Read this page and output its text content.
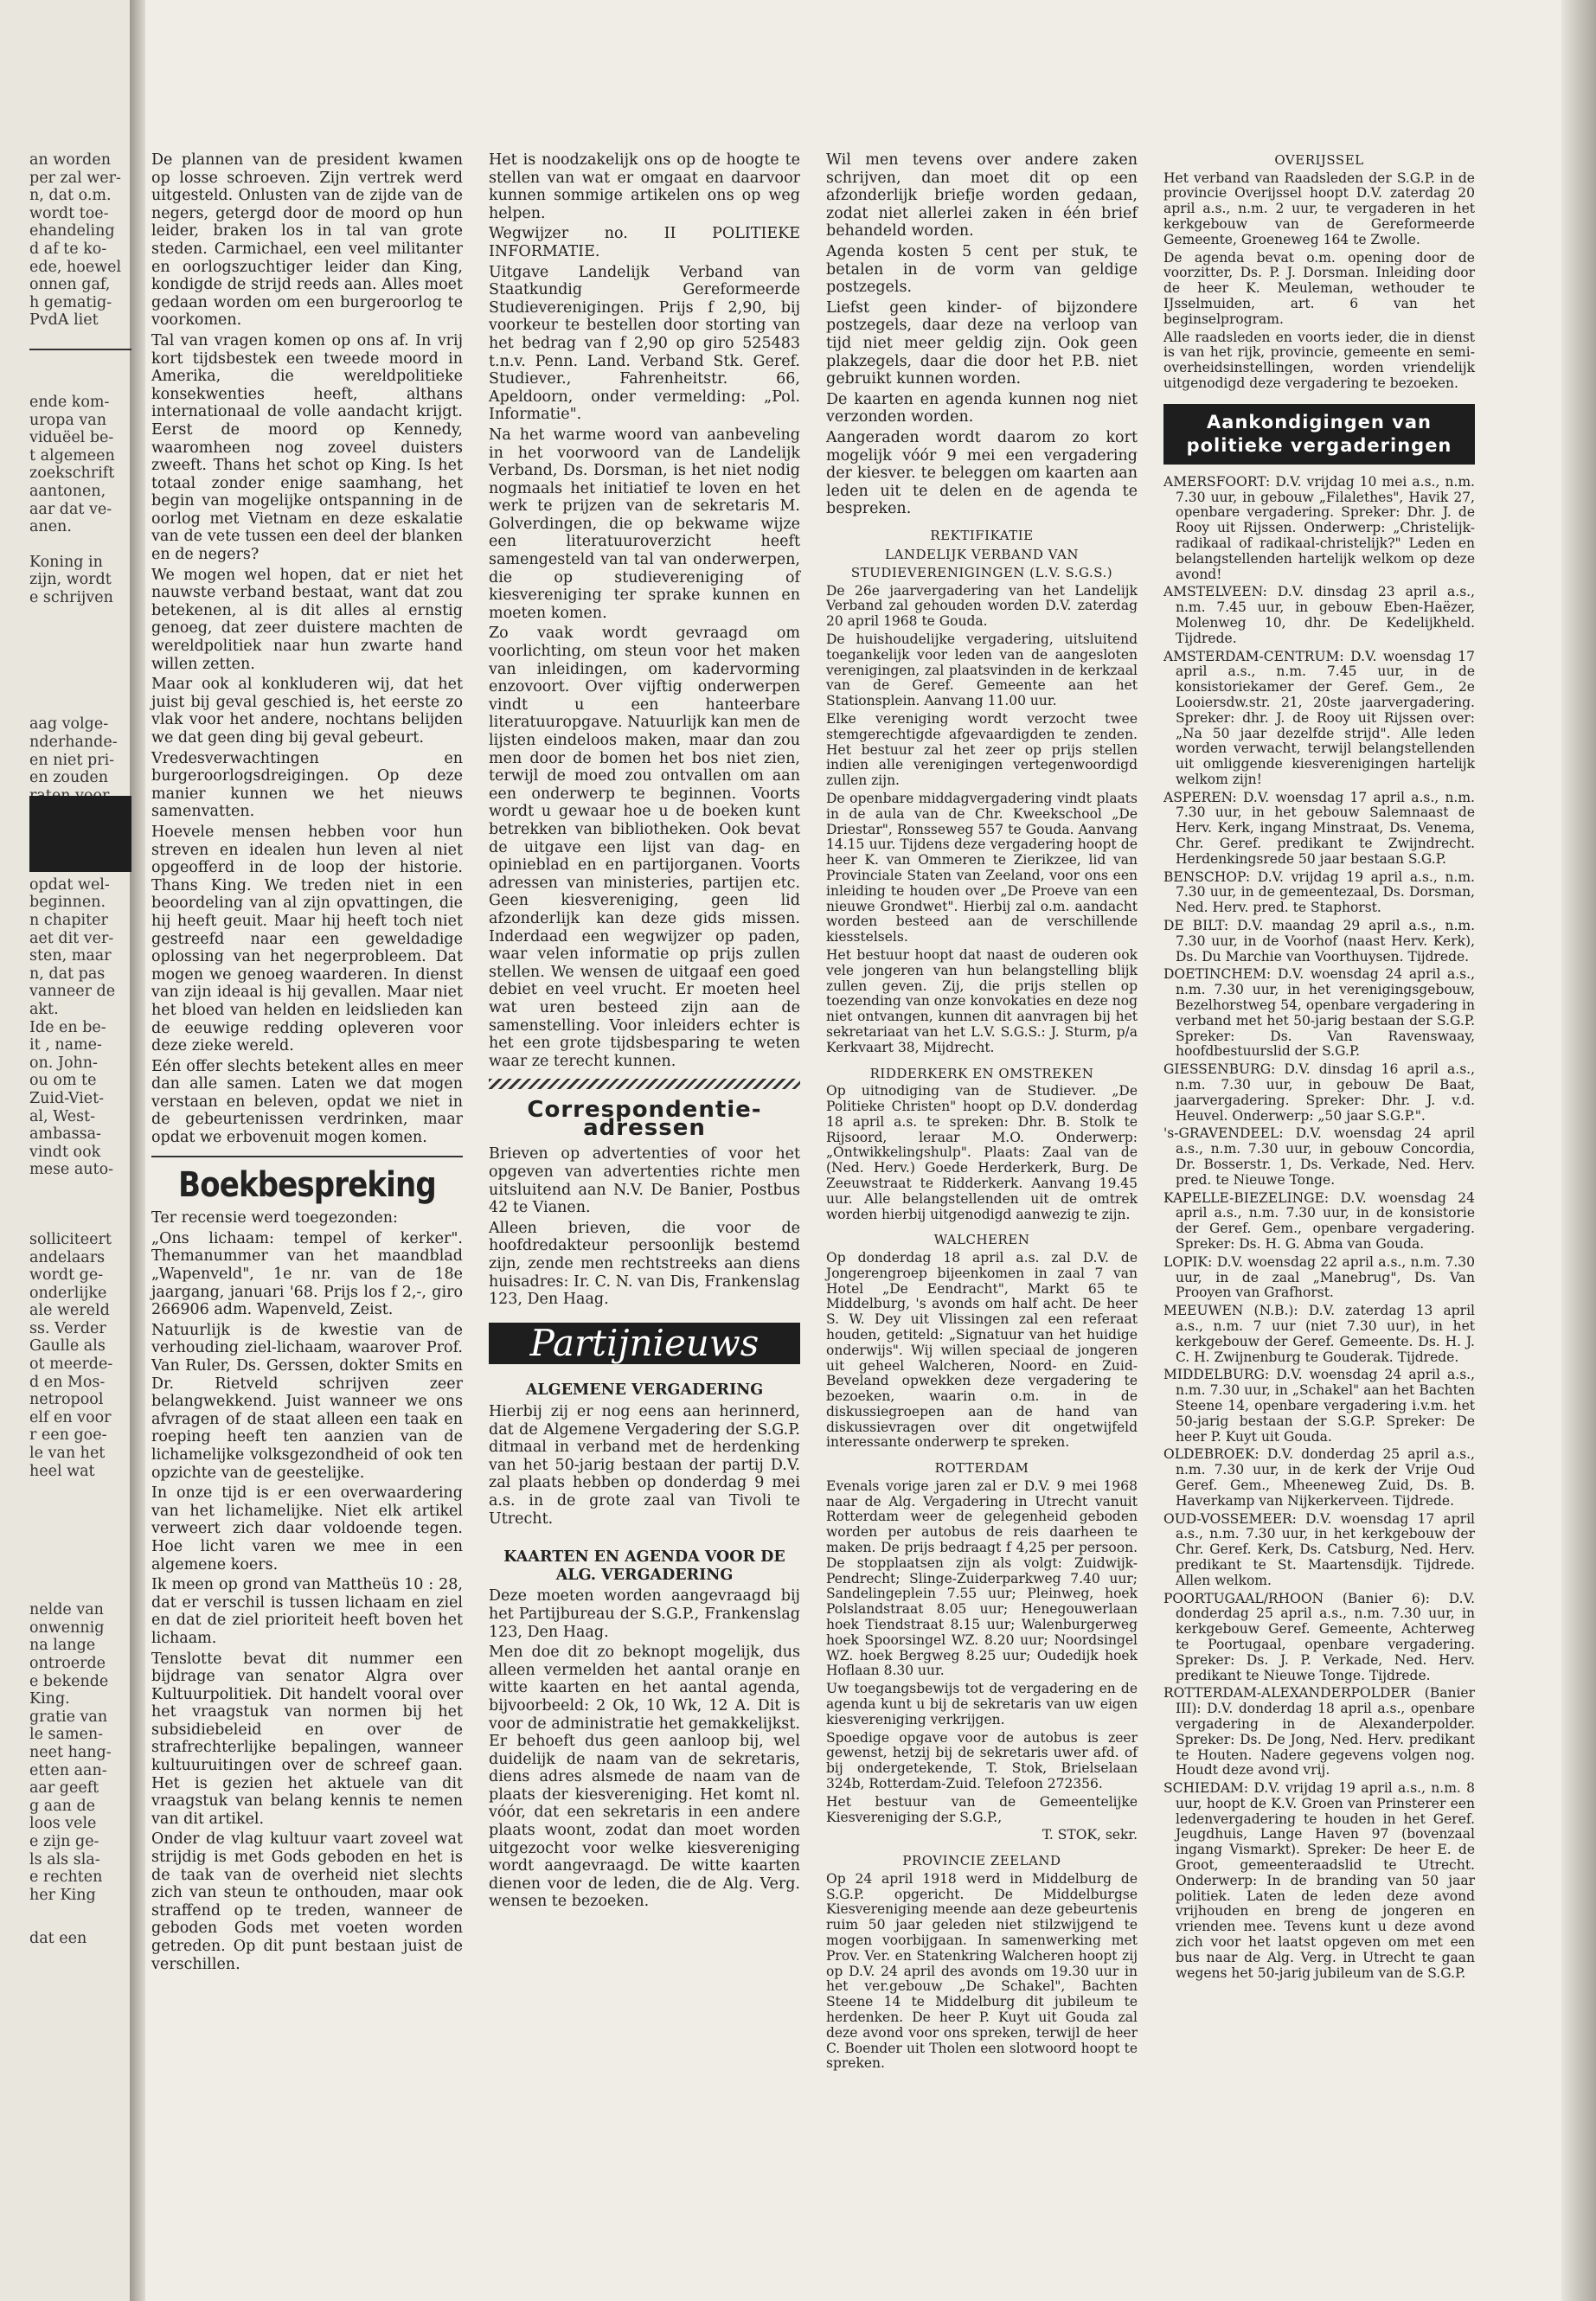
an worden
per zal wer-
n, dat o.m.
wordt toe-
ehandeling
d af te ko-
ede, hoewel
onnen gaf,
h gematig-
PvdA liet
ende kom-
uropa van
viduëel be-
t algemeen
zoekschrift
aantonen,
aar dat ve-
anen.
Koning in
zijn, wordt
e schrijven
aag volge-
nderhande-
en niet pri-
en zouden
opdat wel-
beginnen.
n chapiter
aet dit ver-
sten, maar
n, dat pas
vanneer de
akt.
Ide en be-
it , name-
on. John-
ou om te
Zuid-Viet-
al, West-
ambassa-
vindt ook
mese auto-
solliciteert
andelaars
wordt ge-
onderlijke
ale wereld
ss. Verder
Gaulle als
ot meerde-
d en Mos-
netropool
elf en voor
r een goe-
le van het
heel wat
nelde van
onwennig
na lange
ontroerde
e bekende
King.
gratie van
le samen-
neet hang-
etten aan-
aar geeft
g aan de
loos vele
e zijn ge-
ls als sla-
e rechten
her King
dat een

De plannen van de president kwamen op losse schroeven. Zijn vertrek werd uitgesteld. Onlusten van de zijde van de negers, getergd door de moord op hun leider, braken los in tal van grote steden. Carmichael, een veel militanter en oorlogszuchtiger leider dan King, kondigde de strijd reeds aan. Alles moet gedaan worden om een burgeroorlog te voorkomen.

Tal van vragen komen op ons af. In vrij kort tijdsbestek een tweede moord in Amerika, die wereldpolitieke konsekwenties heeft, althans internationaal de volle aandacht krijgt. Eerst de moord op Kennedy, waaromheen nog zoveel duisters zweeft. Thans het schot op King. Is het totaal zonder enige saamhang, het begin van mogelijke ontspanning in de oorlog met Vietnam en deze eskalatie van de vete tussen een deel der blanken en de negers?

We mogen wel hopen, dat er niet het nauwste verband bestaat, want dat zou betekenen, al is dit alles al ernstig genoeg, dat zeer duistere machten de wereldpolitiek naar hun zwarte hand willen zetten.

Maar ook al konkluderen wij, dat het juist bij geval geschied is, het eerste zo vlak voor het andere, nochtans belijden we dat geen ding bij geval gebeurt.

Vredesverwachtingen en burgeroorlogsdreigingen. Op deze manier kunnen we het nieuws samenvatten.

Hoevele mensen hebben voor hun streven en idealen hun leven al niet opgeofferd in de loop der historie. Thans King. We treden niet in een beoordeling van al zijn opvattingen, die hij heeft geuit. Maar hij heeft toch niet gestreefd naar een geweldadige oplossing van het negerprobleem. Dat mogen we genoeg waarderen. In dienst van zijn ideaal is hij gevallen. Maar niet het bloed van helden en leidslieden kan de eeuwige redding opleveren voor deze zieke wereld.

Eén offer slechts betekent alles en meer dan alle samen. Laten we dat mogen verstaan en beleven, opdat we niet in de gebeurtenissen verdrinken, maar opdat we erbovenuit mogen komen.

Boekbespreking

Ter recensie werd toegezonden:

„Ons lichaam: tempel of kerker". Themanummer van het maandblad „Wapenveld", 1e nr. van de 18e jaargang, januari '68. Prijs los f 2,-, giro 266906 adm. Wapenveld, Zeist.

Natuurlijk is de kwestie van de verhouding ziel-lichaam, waarover Prof. Van Ruler, Ds. Gerssen, dokter Smits en Dr. Rietveld schrijven zeer belangwekkend. Juist wanneer we ons afvragen of de staat alleen een taak en roeping heeft ten aanzien van de lichamelijke volksgezondheid of ook ten opzichte van de geestelijke.

In onze tijd is er een overwaardering van het lichamelijke. Niet elk artikel verweert zich daar voldoende tegen. Hoe licht varen we mee in een algemene koers.

Ik meen op grond van Mattheüs 10 : 28, dat er verschil is tussen lichaam en ziel en dat de ziel prioriteit heeft boven het lichaam.

Tenslotte bevat dit nummer een bijdrage van senator Algra over Kultuurpolitiek. Dit handelt vooral over het vraagstuk van normen bij het subsidiebeleid en over de strafrechterlijke bepalingen, wanneer kultuuruitingen over de schreef gaan. Het is gezien het aktuele van dit vraagstuk van belang kennis te nemen van dit artikel.

Onder de vlag kultuur vaart zoveel wat strijdig is met Gods geboden en het is de taak van de overheid niet slechts zich van steun te onthouden, maar ook straffend op te treden, wanneer de geboden Gods met voeten worden getreden. Op dit punt bestaan juist de verschillen.

Het is noodzakelijk ons op de hoogte te stellen van wat er omgaat en daarvoor kunnen sommige artikelen ons op weg helpen.

Wegwijzer no. II POLITIEKE INFORMATIE.

Uitgave Landelijk Verband van Staatkundig Gereformeerde Studieverenigingen. Prijs f 2,90, bij voorkeur te bestellen door storting van het bedrag van f 2,90 op giro 525483 t.n.v. Penn. Land. Verband Stk. Geref. Studiever., Fahrenheitstr. 66, Apeldoorn, onder vermelding: „Pol. Informatie".

Na het warme woord van aanbeveling in het voorwoord van de Landelijk Verband, Ds. Dorsman, is het niet nodig nogmaals het initiatief te loven en het werk te prijzen van de sekretaris M. Golverdingen, die op bekwame wijze een literatuuroverzicht heeft samengesteld van tal van onderwerpen, die op studievereniging of kiesvereniging ter sprake kunnen en moeten komen.

Zo vaak wordt gevraagd om voorlichting, om steun voor het maken van inleidingen, om kadervorming enzovoort. Over vijftig onderwerpen vindt u een hanteerbare literatuuropgave. Natuurlijk kan men de lijsten eindeloos maken, maar dan zou men door de bomen het bos niet zien, terwijl de moed zou ontvallen om aan een onderwerp te beginnen. Voorts wordt u gewaar hoe u de boeken kunt betrekken van bibliotheken. Ook bevat de uitgave een lijst van dag- en opinieblad en en partijorganen. Voorts adressen van ministeries, partijen etc. Geen kiesvereniging, geen lid afzonderlijk kan deze gids missen. Inderdaad een wegwijzer op paden, waar velen informatie op prijs zullen stellen. We wensen de uitgaaf een goed debiet en veel vrucht. Er moeten heel wat uren besteed zijn aan de samenstelling. Voor inleiders echter is het een grote tijdsbesparing te weten waar ze terecht kunnen.

Correspondentie-adressen

Brieven op advertenties of voor het opgeven van advertenties richte men uitsluitend aan N.V. De Banier, Postbus 42 te Vianen.

Alleen brieven, die voor de hoofdredakteur persoonlijk bestemd zijn, zende men rechtstreeks aan diens huisadres: Ir. C. N. van Dis, Frankenslag 123, Den Haag.

Partijnieuws
ALGEMENE VERGADERING

Hierbij zij er nog eens aan herinnerd, dat de Algemene Vergadering der S.G.P. ditmaal in verband met de herdenking van het 50-jarig bestaan der partij D.V. zal plaats hebben op donderdag 9 mei a.s. in de grote zaal van Tivoli te Utrecht.

KAARTEN EN AGENDA VOOR DE ALG. VERGADERING

Deze moeten worden aangevraagd bij het Partijbureau der S.G.P., Frankenslag 123, Den Haag.

Men doe dit zo beknopt mogelijk, dus alleen vermelden het aantal oranje en witte kaarten en het aantal agenda, bijvoorbeeld: 2 Ok, 10 Wk, 12 A. Dit is voor de administratie het gemakkelijkst. Er behoeft dus geen aanloop bij, wel duidelijk de naam van de sekretaris, diens adres alsmede de naam van de plaats der kiesvereniging. Het komt nl. vóór, dat een sekretaris in een andere plaats woont, zodat dan moet worden uitgezocht voor welke kiesvereniging wordt aangevraagd. De witte kaarten dienen voor de leden, die de Alg. Verg. wensen te bezoeken.

Wil men tevens over andere zaken schrijven, dan moet dit op een afzonderlijk briefje worden gedaan, zodat niet allerlei zaken in één brief behandeld worden.

Agenda kosten 5 cent per stuk, te betalen in de vorm van geldige postzegels.

Liefst geen kinder- of bijzondere postzegels, daar deze na verloop van tijd niet meer geldig zijn. Ook geen plakzegels, daar die door het P.B. niet gebruikt kunnen worden.

De kaarten en agenda kunnen nog niet verzonden worden.

Aangeraden wordt daarom zo kort mogelijk vóór 9 mei een vergadering der kiesver. te beleggen om kaarten aan leden uit te delen en de agenda te bespreken.

REKTIFIKATIE
LANDELIJK VERBAND VAN STUDIEVERENIGINGEN (L.V. S.G.S.)

De 26e jaarvergadering van het Landelijk Verband zal gehouden worden D.V. zaterdag 20 april 1968 te Gouda.

De huishoudelijke vergadering, uitsluitend toegankelijk voor leden van de aangesloten verenigingen, zal plaatsvinden in de kerkzaal van de Geref. Gemeente aan het Stationsplein. Aanvang 11.00 uur.

Elke vereniging wordt verzocht twee stemgerechtigde afgevaardigden te zenden. Het bestuur zal het zeer op prijs stellen indien alle verenigingen vertegenwoordigd zullen zijn.

De openbare middagvergadering vindt plaats in de aula van de Chr. Kweekschool „De Driestar", Ronsseweg 557 te Gouda. Aanvang 14.15 uur. Tijdens deze vergadering hoopt de heer K. van Ommeren te Zierikzee, lid van Provinciale Staten van Zeeland, voor ons een inleiding te houden over „De Proeve van een nieuwe Grondwet". Hierbij zal o.m. aandacht worden besteed aan de verschillende kiesstelsels.

Het bestuur hoopt dat naast de ouderen ook vele jongeren van hun belangstelling blijk zullen geven. Zij, die prijs stellen op toezending van onze konvokaties en deze nog niet ontvangen, kunnen dit aanvragen bij het sekretariaat van het L.V. S.G.S.: J. Sturm, p/a Kerkvaart 38, Mijdrecht.

RIDDERKERK EN OMSTREKEN

Op uitnodiging van de Studiever. „De Politieke Christen" hoopt op D.V. donderdag 18 april a.s. te spreken: Dhr. B. Stolk te Rijsoord, leraar M.O. Onderwerp: „Ontwikkelingshulp". Plaats: Zaal van de (Ned. Herv.) Goede Herderkerk, Burg. De Zeeuwstraat te Ridderkerk. Aanvang 19.45 uur. Alle belangstellenden uit de omtrek worden hierbij uitgenodigd aanwezig te zijn.

WALCHEREN

Op donderdag 18 april a.s. zal D.V. de Jongerengroep bijeenkomen in zaal 7 van Hotel „De Eendracht", Markt 65 te Middelburg, 's avonds om half acht. De heer S. W. Dey uit Vlissingen zal een referaat houden, getiteld: „Signatuur van het huidige onderwijs". Wij willen speciaal de jongeren uit geheel Walcheren, Noord- en Zuid-Beveland opwekken deze vergadering te bezoeken, waarin o.m. in de diskussiegroepen aan de hand van diskussievragen over dit ongetwijfeld interessante onderwerp te spreken.

ROTTERDAM

Evenals vorige jaren zal er D.V. 9 mei 1968 naar de Alg. Vergadering in Utrecht vanuit Rotterdam weer de gelegenheid geboden worden per autobus de reis daarheen te maken. De prijs bedraagt f 4,25 per persoon. De stopplaatsen zijn als volgt: Zuidwijk-Pendrecht; Slinge-Zuiderparkweg 7.40 uur; Sandelingeplein 7.55 uur; Pleinweg, hoek Polslandstraat 8.05 uur; Henegouwerlaan hoek Tiendstraat 8.15 uur; Walenburgerweg hoek Spoorsingel WZ. 8.20 uur; Noordsingel WZ. hoek Bergweg 8.25 uur; Oudedijk hoek Hoflaan 8.30 uur.

Uw toegangsbewijs tot de vergadering en de agenda kunt u bij de sekretaris van uw eigen kiesvereniging verkrijgen.

Spoedige opgave voor de autobus is zeer gewenst, hetzij bij de sekretaris uwer afd. of bij ondergetekende, T. Stok, Brielselaan 324b, Rotterdam-Zuid. Telefoon 272356.

Het bestuur van de Gemeentelijke Kiesvereniging der S.G.P.,

T. STOK, sekr.

PROVINCIE ZEELAND

Op 24 april 1918 werd in Middelburg de S.G.P. opgericht. De Middelburgse Kiesvereniging meende aan deze gebeurtenis ruim 50 jaar geleden niet stilzwijgend te mogen voorbijgaan. In samenwerking met Prov. Ver. en Statenkring Walcheren hoopt zij op D.V. 24 april des avonds om 19.30 uur in het ver.gebouw „De Schakel", Bachten Steene 14 te Middelburg dit jubileum te herdenken. De heer P. Kuyt uit Gouda zal deze avond voor ons spreken, terwijl de heer C. Boender uit Tholen een slotwoord hoopt te spreken.

OVERIJSSEL

Het verband van Raadsleden der S.G.P. in de provincie Overijssel hoopt D.V. zaterdag 20 april a.s., n.m. 2 uur, te vergaderen in het kerkgebouw van de Gereformeerde Gemeente, Groeneweg 164 te Zwolle.

De agenda bevat o.m. opening door de voorzitter, Ds. P. J. Dorsman. Inleiding door de heer K. Meuleman, wethouder te IJsselmuiden, art. 6 van het beginselprogram.

Alle raadsleden en voorts ieder, die in dienst is van het rijk, provincie, gemeente en semi-overheidsinstellingen, worden vriendelijk uitgenodigd deze vergadering te bezoeken.

Aankondigingen van
politieke vergaderingen

AMERSFOORT: D.V. vrijdag 10 mei a.s., n.m. 7.30 uur, in gebouw „Filalethes", Havik 27, openbare vergadering. Spreker: Dhr. J. de Rooy uit Rijssen. Onderwerp: „Christelijk-radikaal of radikaal-christelijk?" Leden en belangstellenden hartelijk welkom op deze avond!

AMSTELVEEN: D.V. dinsdag 23 april a.s., n.m. 7.45 uur, in gebouw Eben-Haëzer, Molenweg 10, dhr. De Kedelijkheld. Tijdrede.

AMSTERDAM-CENTRUM: D.V. woensdag 17 april a.s., n.m. 7.45 uur, in de konsistoriekamer der Geref. Gem., 2e Looiersdw.str. 21, 20ste jaarvergadering. Spreker: dhr. J. de Rooy uit Rijssen over: „Na 50 jaar dezelfde strijd". Alle leden worden verwacht, terwijl belangstellenden uit omliggende kiesverenigingen hartelijk welkom zijn!

ASPEREN: D.V. woensdag 17 april a.s., n.m. 7.30 uur, in het gebouw Salemnaast de Herv. Kerk, ingang Minstraat, Ds. Venema, Chr. Geref. predikant te Zwijndrecht. Herdenkingsrede 50 jaar bestaan S.G.P.

BENSCHOP: D.V. vrijdag 19 april a.s., n.m. 7.30 uur, in de gemeentezaal, Ds. Dorsman, Ned. Herv. pred. te Staphorst.

DE BILT: D.V. maandag 29 april a.s., n.m. 7.30 uur, in de Voorhof (naast Herv. Kerk), Ds. Du Marchie van Voorthuysen. Tijdrede.

DOETINCHEM: D.V. woensdag 24 april a.s., n.m. 7.30 uur, in het verenigingsgebouw, Bezelhorstweg 54, openbare vergadering in verband met het 50-jarig bestaan der S.G.P. Spreker: Ds. Van Ravenswaay, hoofdbestuurslid der S.G.P.

GIESSENBURG: D.V. dinsdag 16 april a.s., n.m. 7.30 uur, in gebouw De Baat, jaarvergadering. Spreker: Dhr. J. v.d. Heuvel. Onderwerp: „50 jaar S.G.P.".

's-GRAVENDEEL: D.V. woensdag 24 april a.s., n.m. 7.30 uur, in gebouw Concordia, Dr. Bosserstr. 1, Ds. Verkade, Ned. Herv. pred. te Nieuwe Tonge.

KAPELLE-BIEZELINGE: D.V. woensdag 24 april a.s., n.m. 7.30 uur, in de konsistorie der Geref. Gem., openbare vergadering. Spreker: Ds. H. G. Abma van Gouda.

LOPIK: D.V. woensdag 22 april a.s., n.m. 7.30 uur, in de zaal „Manebrug", Ds. Van Prooyen van Grafhorst.

MEEUWEN (N.B.): D.V. zaterdag 13 april a.s., n.m. 7 uur (niet 7.30 uur), in het kerkgebouw der Geref. Gemeente. Ds. H. J. C. H. Zwijnenburg te Gouderak. Tijdrede.

MIDDELBURG: D.V. woensdag 24 april a.s., n.m. 7.30 uur, in „Schakel" aan het Bachten Steene 14, openbare vergadering i.v.m. het 50-jarig bestaan der S.G.P. Spreker: De heer P. Kuyt uit Gouda.

OLDEBROEK: D.V. donderdag 25 april a.s., n.m. 7.30 uur, in de kerk der Vrije Oud Geref. Gem., Mheeneweg Zuid, Ds. B. Haverkamp van Nijkerkerveen. Tijdrede.

OUD-VOSSEMEER: D.V. woensdag 17 april a.s., n.m. 7.30 uur, in het kerkgebouw der Chr. Geref. Kerk, Ds. Catsburg, Ned. Herv. predikant te St. Maartensdijk. Tijdrede. Allen welkom.

POORTUGAAL/RHOON (Banier 6): D.V. donderdag 25 april a.s., n.m. 7.30 uur, in kerkgebouw Geref. Gemeente, Achterweg te Poortugaal, openbare vergadering. Spreker: Ds. J. P. Verkade, Ned. Herv. predikant te Nieuwe Tonge. Tijdrede.

ROTTERDAM-ALEXANDERPOLDER (Banier III): D.V. donderdag 18 april a.s., openbare vergadering in de Alexanderpolder. Spreker: Ds. De Jong, Ned. Herv. predikant te Houten. Nadere gegevens volgen nog. Houdt deze avond vrij.

SCHIEDAM: D.V. vrijdag 19 april a.s., n.m. 8 uur, hoopt de K.V. Groen van Prinsterer een ledenvergadering te houden in het Geref. Jeugdhuis, Lange Haven 97 (bovenzaal ingang Vismarkt). Spreker: De heer E. de Groot, gemeenteraadslid te Utrecht. Onderwerp: In de branding van 50 jaar politiek. Laten de leden deze avond vrijhouden en breng de jongeren en vrienden mee. Tevens kunt u deze avond zich voor het laatst opgeven om met een bus naar de Alg. Verg. in Utrecht te gaan wegens het 50-jarig jubileum van de S.G.P.
